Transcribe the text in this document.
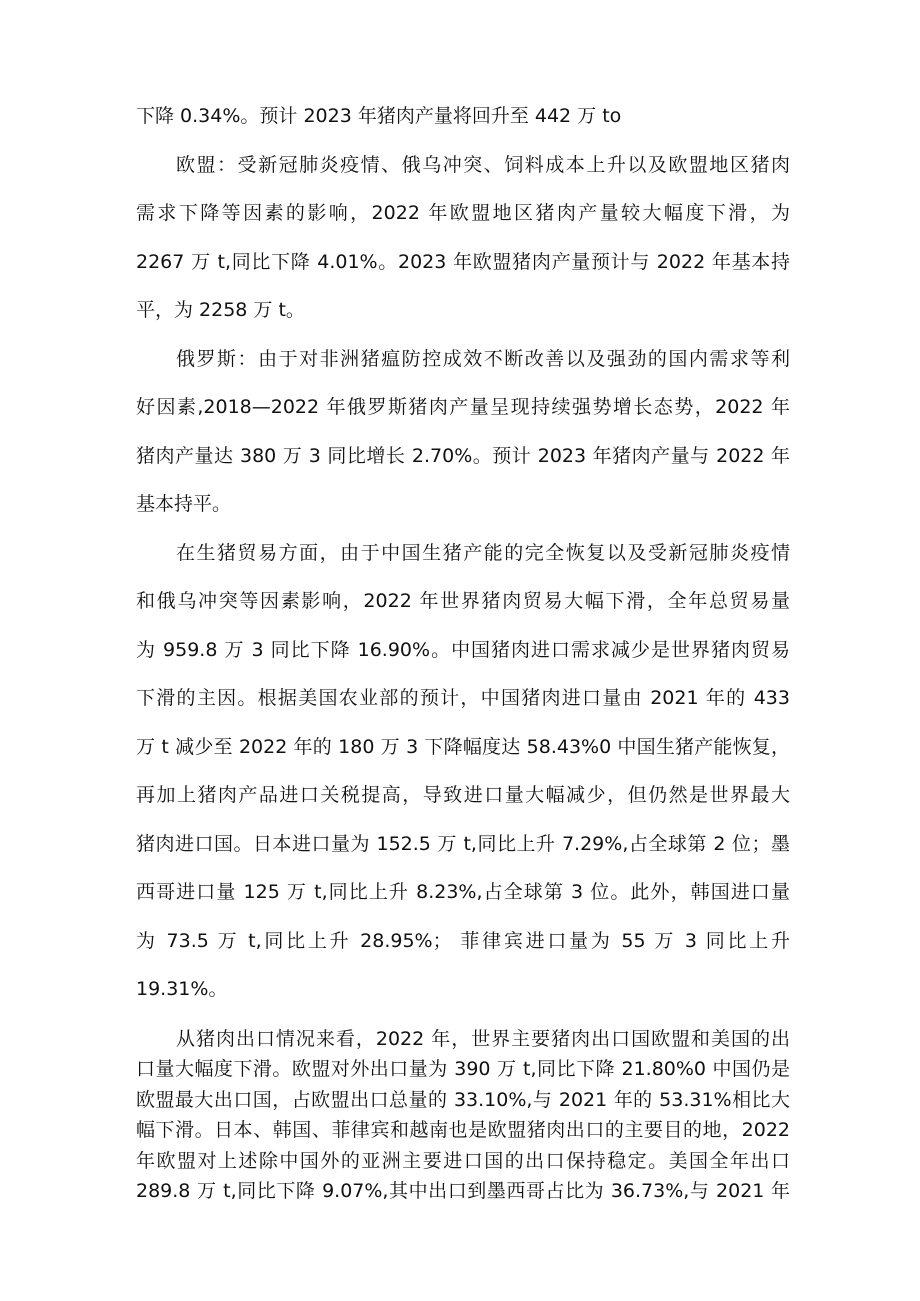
下降 0.34%。预计 2023 年猪肉产量将回升至 442 万 to

欧盟：受新冠肺炎疫情、俄乌冲突、饲料成本上升以及欧盟地区猪肉
需求下降等因素的影响，2022 年欧盟地区猪肉产量较大幅度下滑，为
2267 万 t,同比下降 4.01%。2023 年欧盟猪肉产量预计与 2022 年基本持
平，为 2258 万 t。

俄罗斯：由于对非洲猪瘟防控成效不断改善以及强劲的国内需求等利
好因素,2018—2022 年俄罗斯猪肉产量呈现持续强势增长态势，2022 年
猪肉产量达 380 万 3 同比增长 2.70%。预计 2023 年猪肉产量与 2022 年
基本持平。

在生猪贸易方面，由于中国生猪产能的完全恢复以及受新冠肺炎疫情
和俄乌冲突等因素影响，2022 年世界猪肉贸易大幅下滑，全年总贸易量
为 959.8 万 3 同比下降 16.90%。中国猪肉进口需求减少是世界猪肉贸易
下滑的主因。根据美国农业部的预计，中国猪肉进口量由 2021 年的 433
万 t 减少至 2022 年的 180 万 3 下降幅度达 58.43%0 中国生猪产能恢复，
再加上猪肉产品进口关税提高，导致进口量大幅减少，但仍然是世界最大
猪肉进口国。日本进口量为 152.5 万 t,同比上升 7.29%,占全球第 2 位；墨
西哥进口量 125 万 t,同比上升 8.23%,占全球第 3 位。此外，韩国进口量
为 73.5 万 t,同比上升 28.95%； 菲律宾进口量为 55 万 3 同比上升
19.31%。

从猪肉出口情况来看，2022 年，世界主要猪肉出口国欧盟和美国的出
口量大幅度下滑。欧盟对外出口量为 390 万 t,同比下降 21.80%0 中国仍是
欧盟最大出口国，占欧盟出口总量的 33.10%,与 2021 年的 53.31%相比大
幅下滑。日本、韩国、菲律宾和越南也是欧盟猪肉出口的主要目的地，2022
年欧盟对上述除中国外的亚洲主要进口国的出口保持稳定。美国全年出口
289.8 万 t,同比下降 9.07%,其中出口到墨西哥占比为 36.73%,与 2021 年
